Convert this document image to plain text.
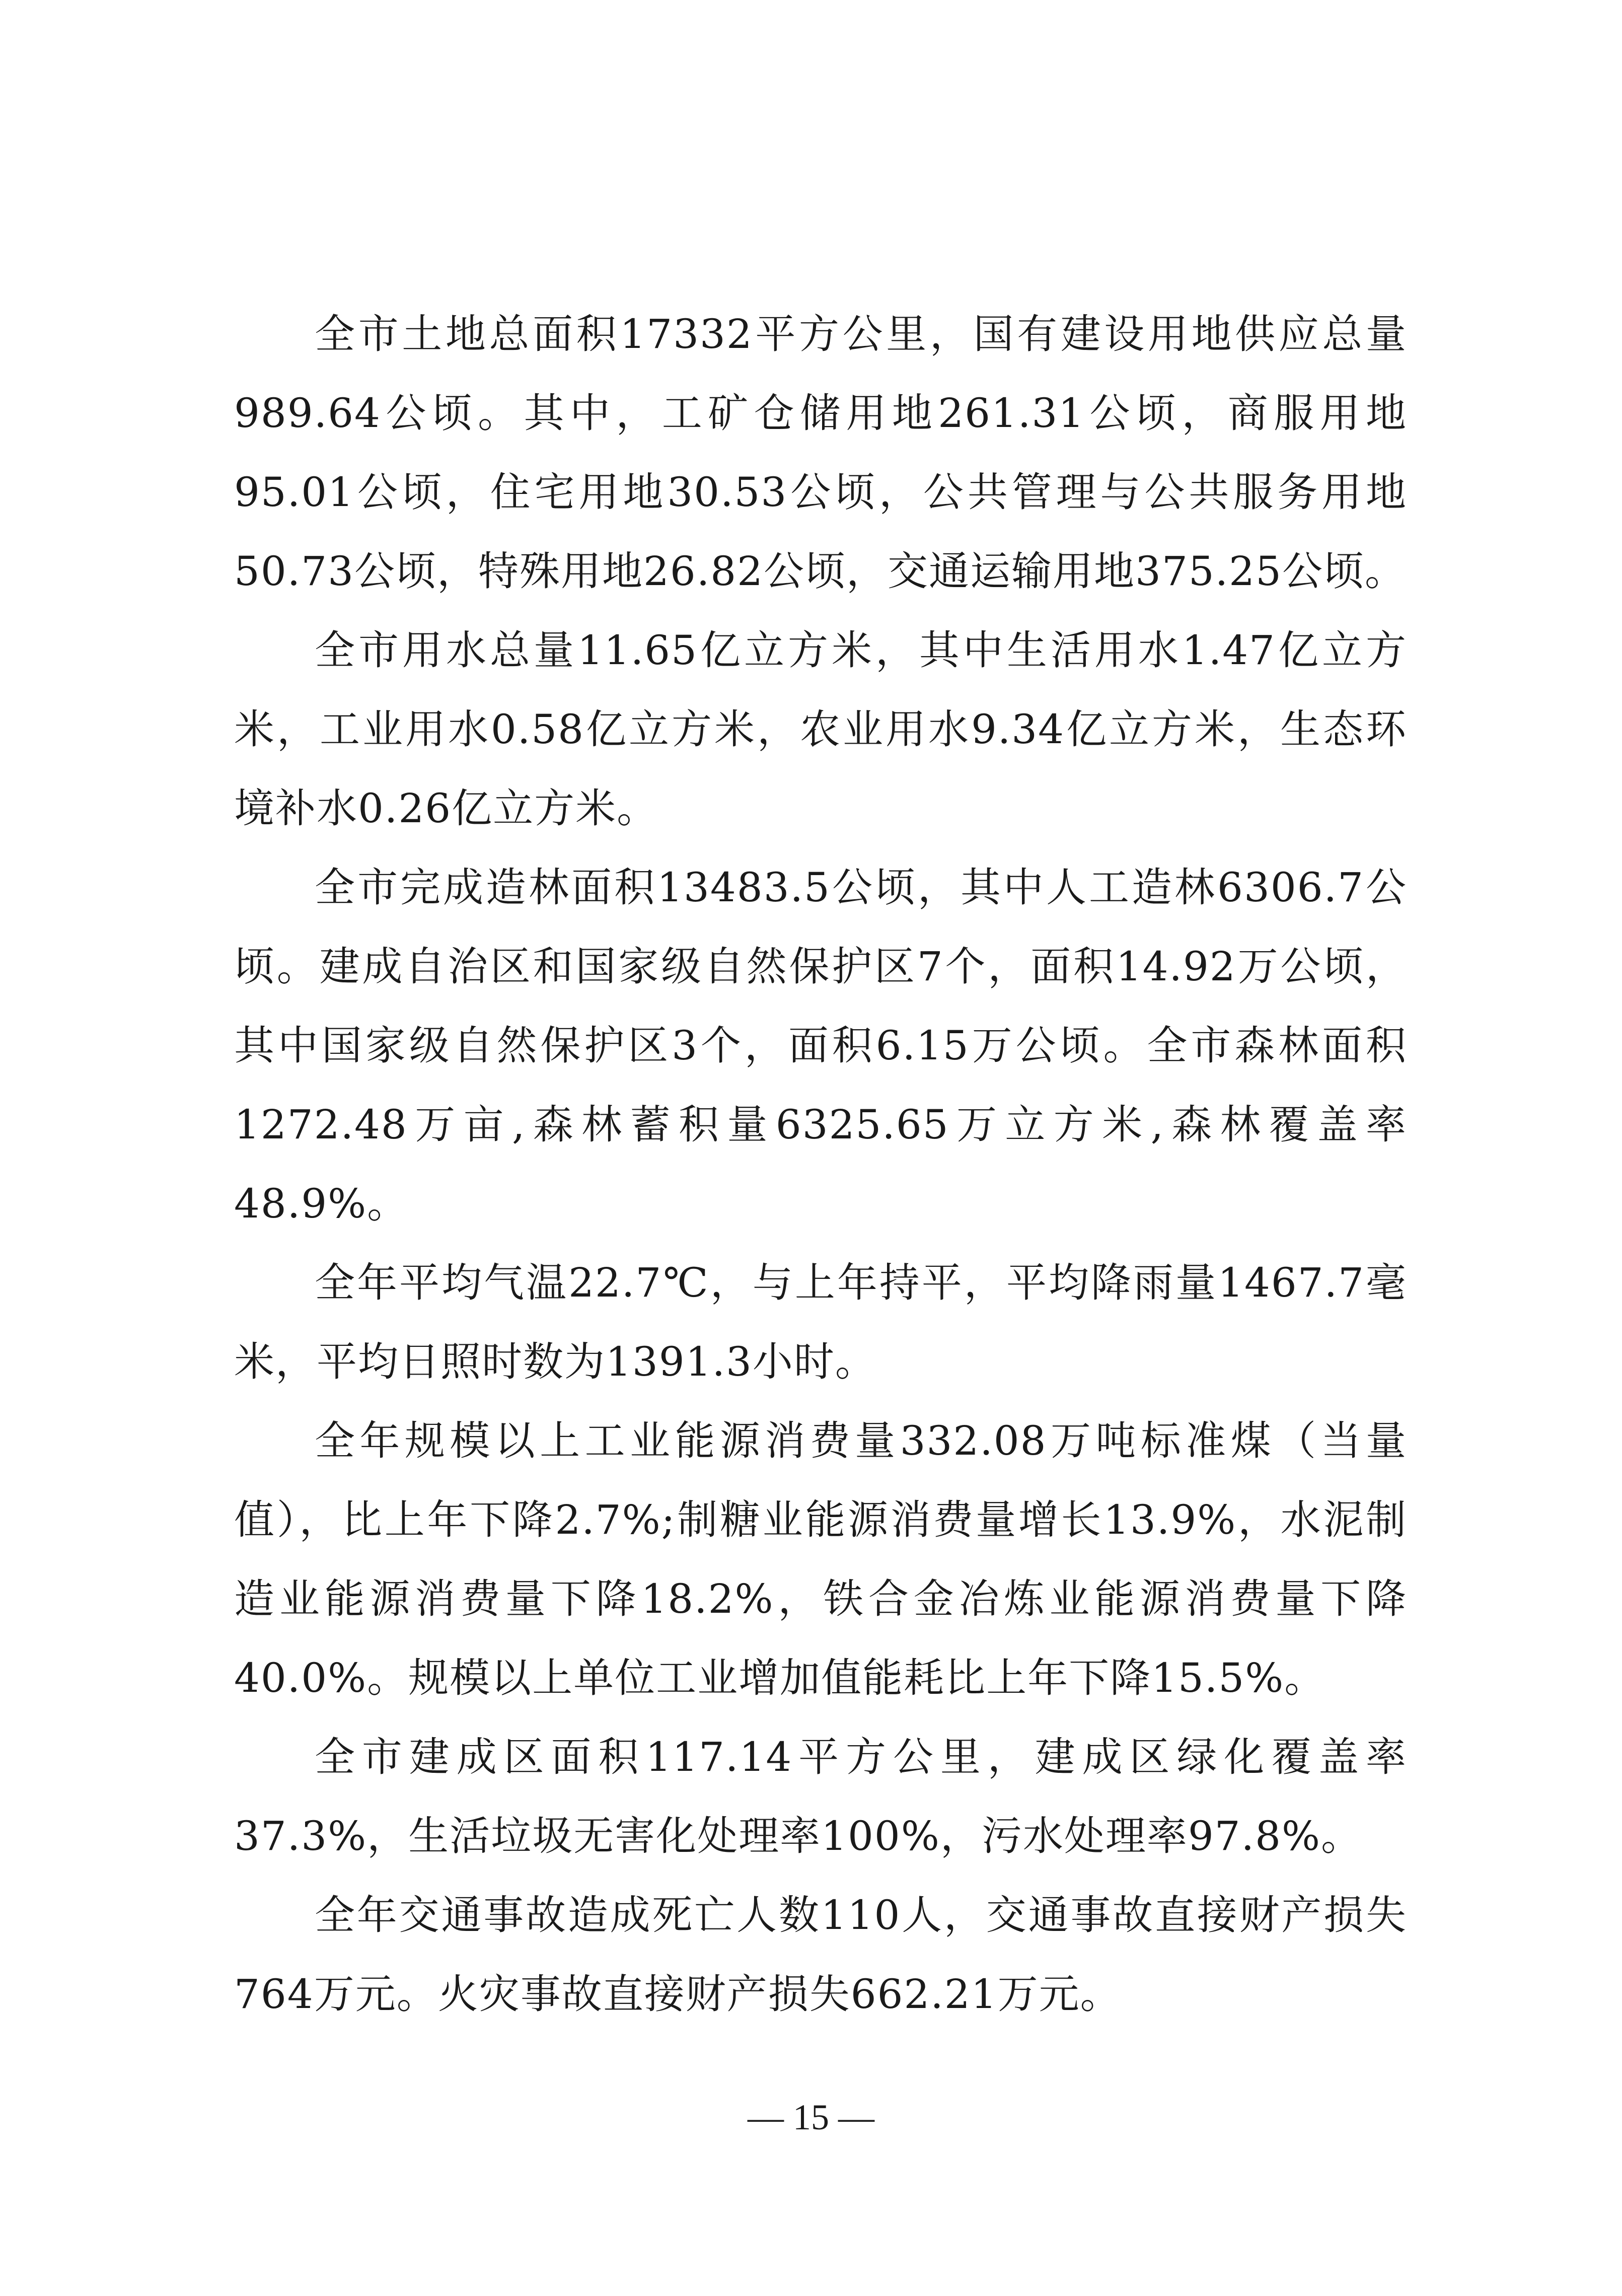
全市土地总面积17332平方公里，国有建设用地供应总量989.64公顷。其中，工矿仓储用地261.31公顷，商服用地95.01公顷，住宅用地30.53公顷，公共管理与公共服务用地50.73公顷，特殊用地26.82公顷，交通运输用地375.25公顷。

全市用水总量11.65亿立方米，其中生活用水1.47亿立方米，工业用水0.58亿立方米，农业用水9.34亿立方米，生态环境补水0.26亿立方米。

全市完成造林面积13483.5公顷，其中人工造林6306.7公顷。建成自治区和国家级自然保护区7个，面积14.92万公顷，其中国家级自然保护区3个，面积6.15万公顷。全市森林面积1272.48万亩,森林蓄积量6325.65万立方米,森林覆盖率48.9%。

全年平均气温22.7℃，与上年持平，平均降雨量1467.7毫米，平均日照时数为1391.3小时。

全年规模以上工业能源消费量332.08万吨标准煤（当量值），比上年下降2.7%;制糖业能源消费量增长13.9%，水泥制造业能源消费量下降18.2%，铁合金冶炼业能源消费量下降40.0%。规模以上单位工业增加值能耗比上年下降15.5%。

全市建成区面积117.14平方公里，建成区绿化覆盖率37.3%，生活垃圾无害化处理率100%，污水处理率97.8%。

全年交通事故造成死亡人数110人，交通事故直接财产损失764万元。火灾事故直接财产损失662.21万元。

— 15 —
